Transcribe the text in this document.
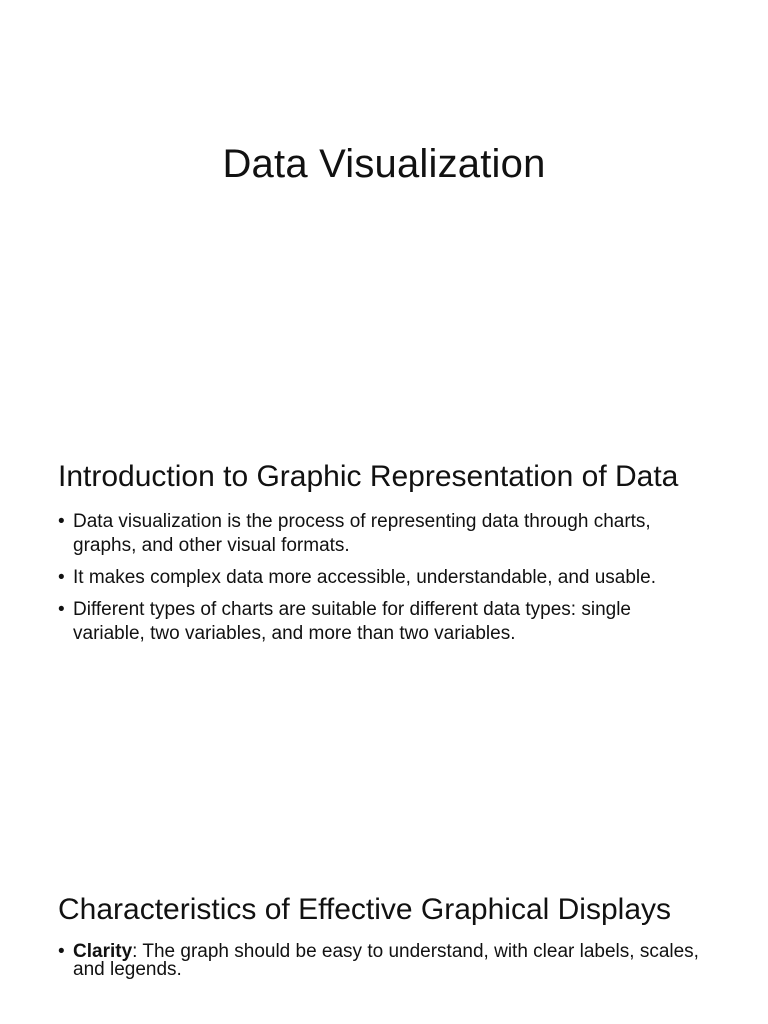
Data Visualization
Introduction to Graphic Representation of Data
• Data visualization is the process of representing data through charts, graphs, and other visual formats.
• It makes complex data more accessible, understandable, and usable.
• Different types of charts are suitable for different data types: single variable, two variables, and more than two variables.
Characteristics of Effective Graphical Displays
• Clarity: The graph should be easy to understand, with clear labels, scales, and legends.
